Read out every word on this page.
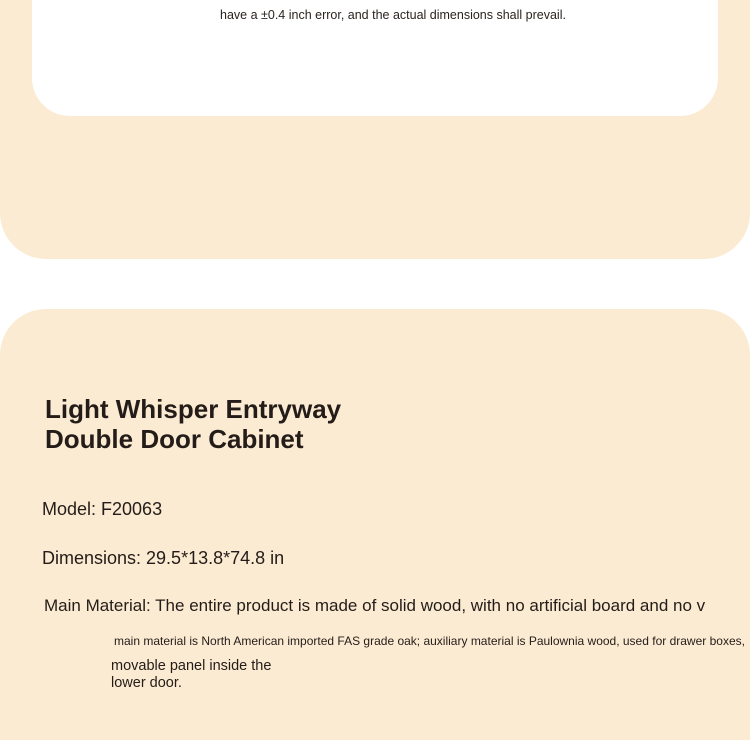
have a ±0.4 inch error, and the actual dimensions shall prevail.
Light Whisper Entryway Double Door Cabinet
Model: F20063
Dimensions: 29.5*13.8*74.8 in
Main Material: The entire product is made of solid wood, with no artificial board and no v
main material is North American imported FAS grade oak; auxiliary material is Paulownia wood, used for drawer boxes,
movable panel inside the lower door.
